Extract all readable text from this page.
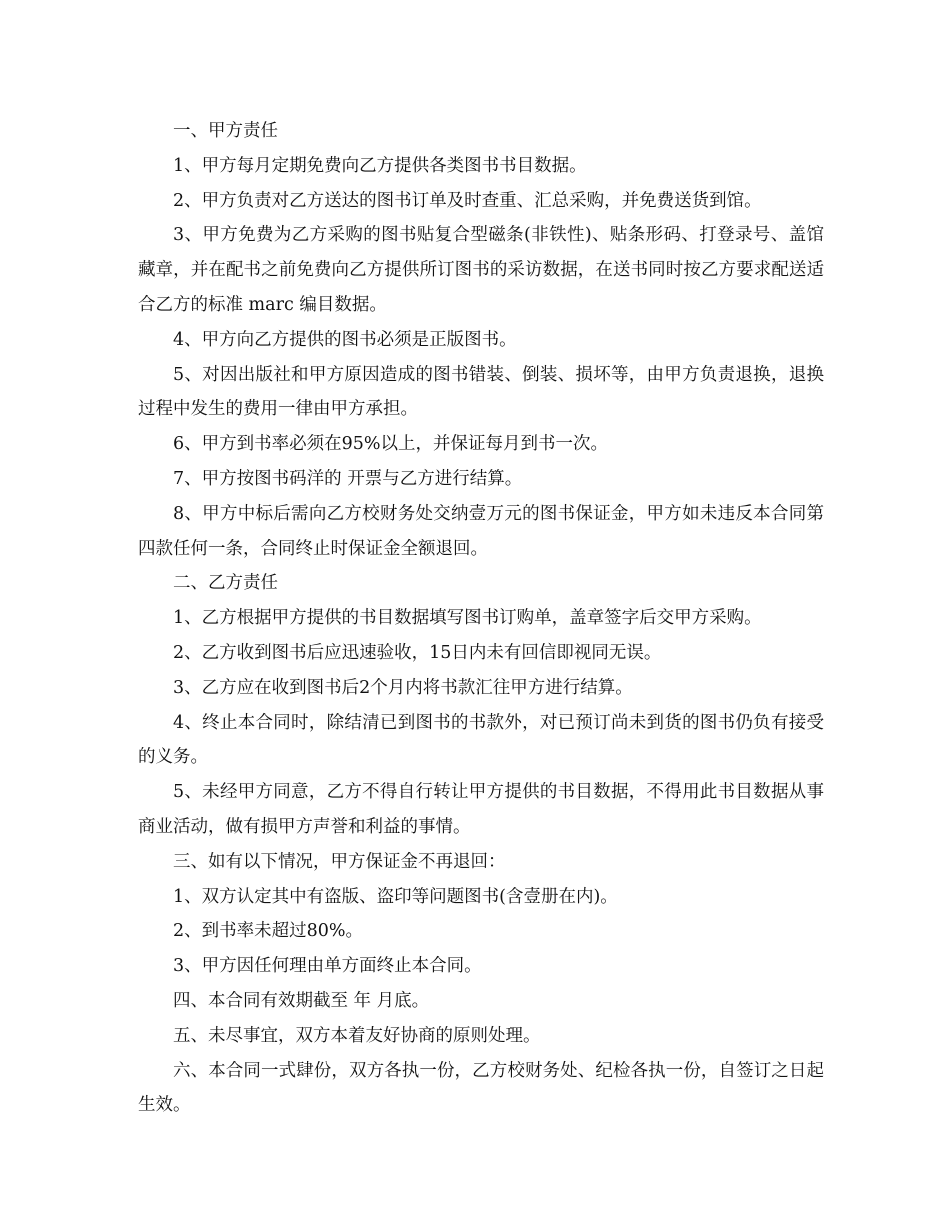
一、甲方责任

1、甲方每月定期免费向乙方提供各类图书书目数据。

2、甲方负责对乙方送达的图书订单及时查重、汇总采购，并免费送货到馆。

3、甲方免费为乙方采购的图书贴复合型磁条(非铁性)、贴条形码、打登录号、盖馆藏章，并在配书之前免费向乙方提供所订图书的采访数据，在送书同时按乙方要求配送适合乙方的标准 marc 编目数据。

4、甲方向乙方提供的图书必须是正版图书。

5、对因出版社和甲方原因造成的图书错装、倒装、损坏等，由甲方负责退换，退换过程中发生的费用一律由甲方承担。

6、甲方到书率必须在95%以上，并保证每月到书一次。

7、甲方按图书码洋的 开票与乙方进行结算。

8、甲方中标后需向乙方校财务处交纳壹万元的图书保证金，甲方如未违反本合同第四款任何一条，合同终止时保证金全额退回。

二、乙方责任

1、乙方根据甲方提供的书目数据填写图书订购单，盖章签字后交甲方采购。

2、乙方收到图书后应迅速验收，15日内未有回信即视同无误。

3、乙方应在收到图书后2个月内将书款汇往甲方进行结算。

4、终止本合同时，除结清已到图书的书款外，对已预订尚未到货的图书仍负有接受的义务。

5、未经甲方同意，乙方不得自行转让甲方提供的书目数据，不得用此书目数据从事商业活动，做有损甲方声誉和利益的事情。

三、如有以下情况，甲方保证金不再退回：

1、双方认定其中有盗版、盗印等问题图书(含壹册在内)。

2、到书率未超过80%。

3、甲方因任何理由单方面终止本合同。

四、本合同有效期截至 年 月底。

五、未尽事宜，双方本着友好协商的原则处理。

六、本合同一式肆份，双方各执一份，乙方校财务处、纪检各执一份，自签订之日起生效。
